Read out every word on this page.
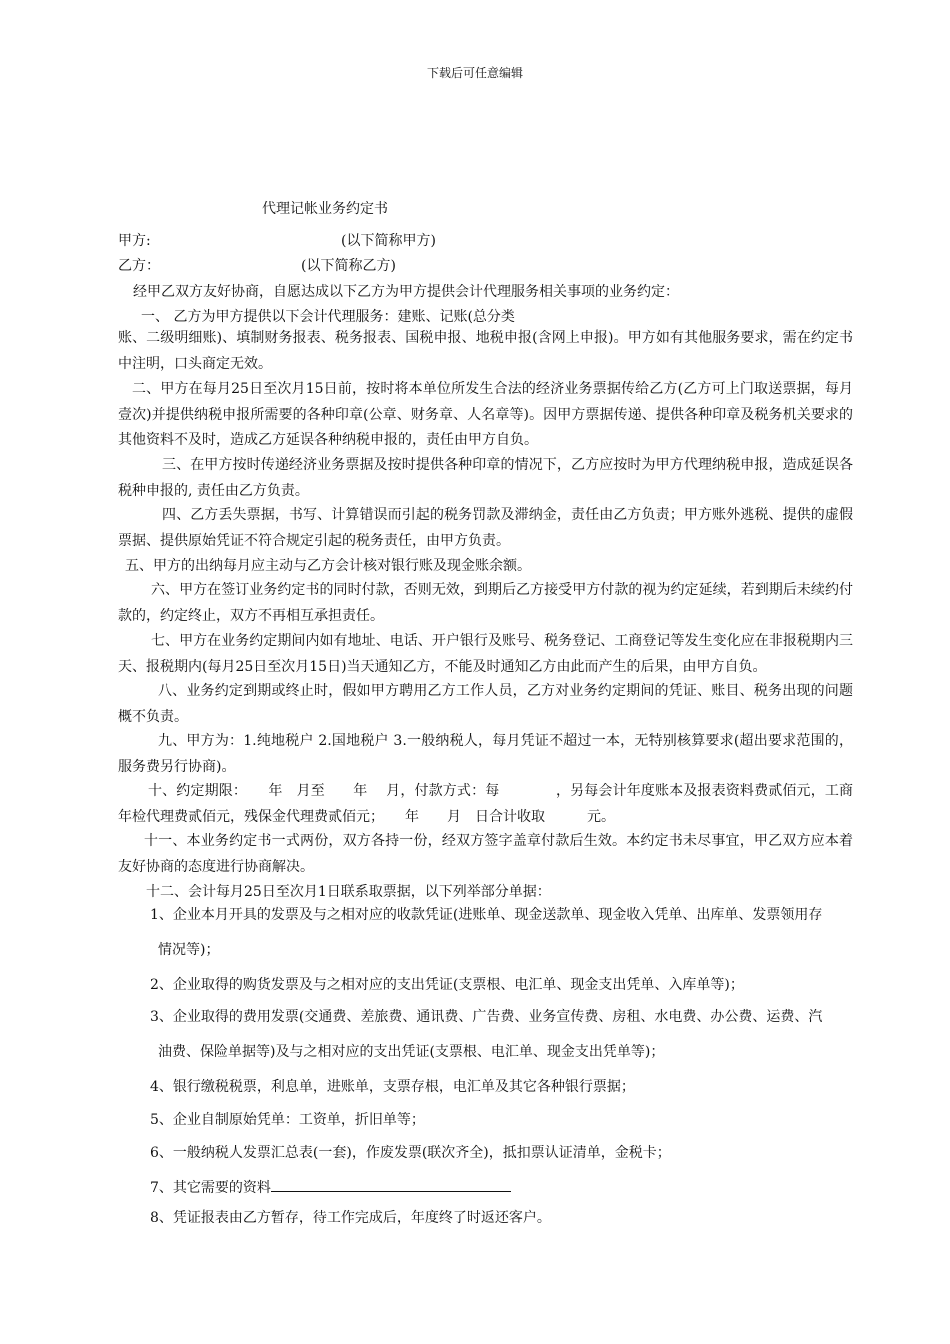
下载后可任意编辑
代理记帐业务约定书
甲方:	(以下简称甲方)
乙方：	(以下简称乙方)
经甲乙双方友好协商，自愿达成以下乙方为甲方提供会计代理服务相关事项的业务约定：
一、 乙方为甲方提供以下会计代理服务：建账、记账(总分类
账、二级明细账)、填制财务报表、税务报表、国税申报、地税申报(含网上申报)。甲方如有其他服务要求，需在约定书中注明，口头商定无效。
二、甲方在每月25日至次月15日前，按时将本单位所发生合法的经济业务票据传给乙方(乙方可上门取送票据，每月壹次)并提供纳税申报所需要的各种印章(公章、财务章、人名章等)。因甲方票据传递、提供各种印章及税务机关要求的其他资料不及时，造成乙方延误各种纳税申报的，责任由甲方自负。
三、在甲方按时传递经济业务票据及按时提供各种印章的情况下，乙方应按时为甲方代理纳税申报，造成延误各税种申报的, 责任由乙方负责。
四、乙方丢失票据，书写、计算错误而引起的税务罚款及滞纳金，责任由乙方负责；甲方账外逃税、提供的虚假票据、提供原始凭证不符合规定引起的税务责任，由甲方负责。
五、甲方的出纳每月应主动与乙方会计核对银行账及现金账余额。
六、甲方在签订业务约定书的同时付款，否则无效，到期后乙方接受甲方付款的视为约定延续，若到期后未续约付款的，约定终止，双方不再相互承担责任。
七、甲方在业务约定期间内如有地址、电话、开户银行及账号、税务登记、工商登记等发生变化应在非报税期内三天、报税期内(每月25日至次月15日)当天通知乙方，不能及时通知乙方由此而产生的后果，由甲方自负。
八、业务约定到期或终止时，假如甲方聘用乙方工作人员，乙方对业务约定期间的凭证、账目、税务出现的问题概不负责。
九、甲方为：1.纯地税户 2.国地税户 3.一般纳税人，每月凭证不超过一本，无特别核算要求(超出要求范围的，服务费另行协商)。
十、约定期限：　　年　月至　　年　 月，付款方式：每　　　　，另每会计年度账本及报表资料费贰佰元，工商年检代理费贰佰元，残保金代理费贰佰元；　　年　　月　日合计收取　　　元。
十一、本业务约定书一式两份，双方各持一份，经双方签字盖章付款后生效。本约定书未尽事宜，甲乙双方应本着友好协商的态度进行协商解决。
十二、会计每月25日至次月1日联系取票据，以下列举部分单据：
1、企业本月开具的发票及与之相对应的收款凭证(进账单、现金送款单、现金收入凭单、出库单、发票领用存
情况等)；
2、企业取得的购货发票及与之相对应的支出凭证(支票根、电汇单、现金支出凭单、入库单等)；
3、企业取得的费用发票(交通费、差旅费、通讯费、广告费、业务宣传费、房租、水电费、办公费、运费、汽
油费、保险单据等)及与之相对应的支出凭证(支票根、电汇单、现金支出凭单等)；
4、银行缴税税票，利息单，进账单，支票存根，电汇单及其它各种银行票据；
5、企业自制原始凭单：工资单，折旧单等；
6、一般纳税人发票汇总表(一套)，作废发票(联次齐全)，抵扣票认证清单，金税卡；
7、其它需要的资料
8、凭证报表由乙方暂存，待工作完成后，年度终了时返还客户。
